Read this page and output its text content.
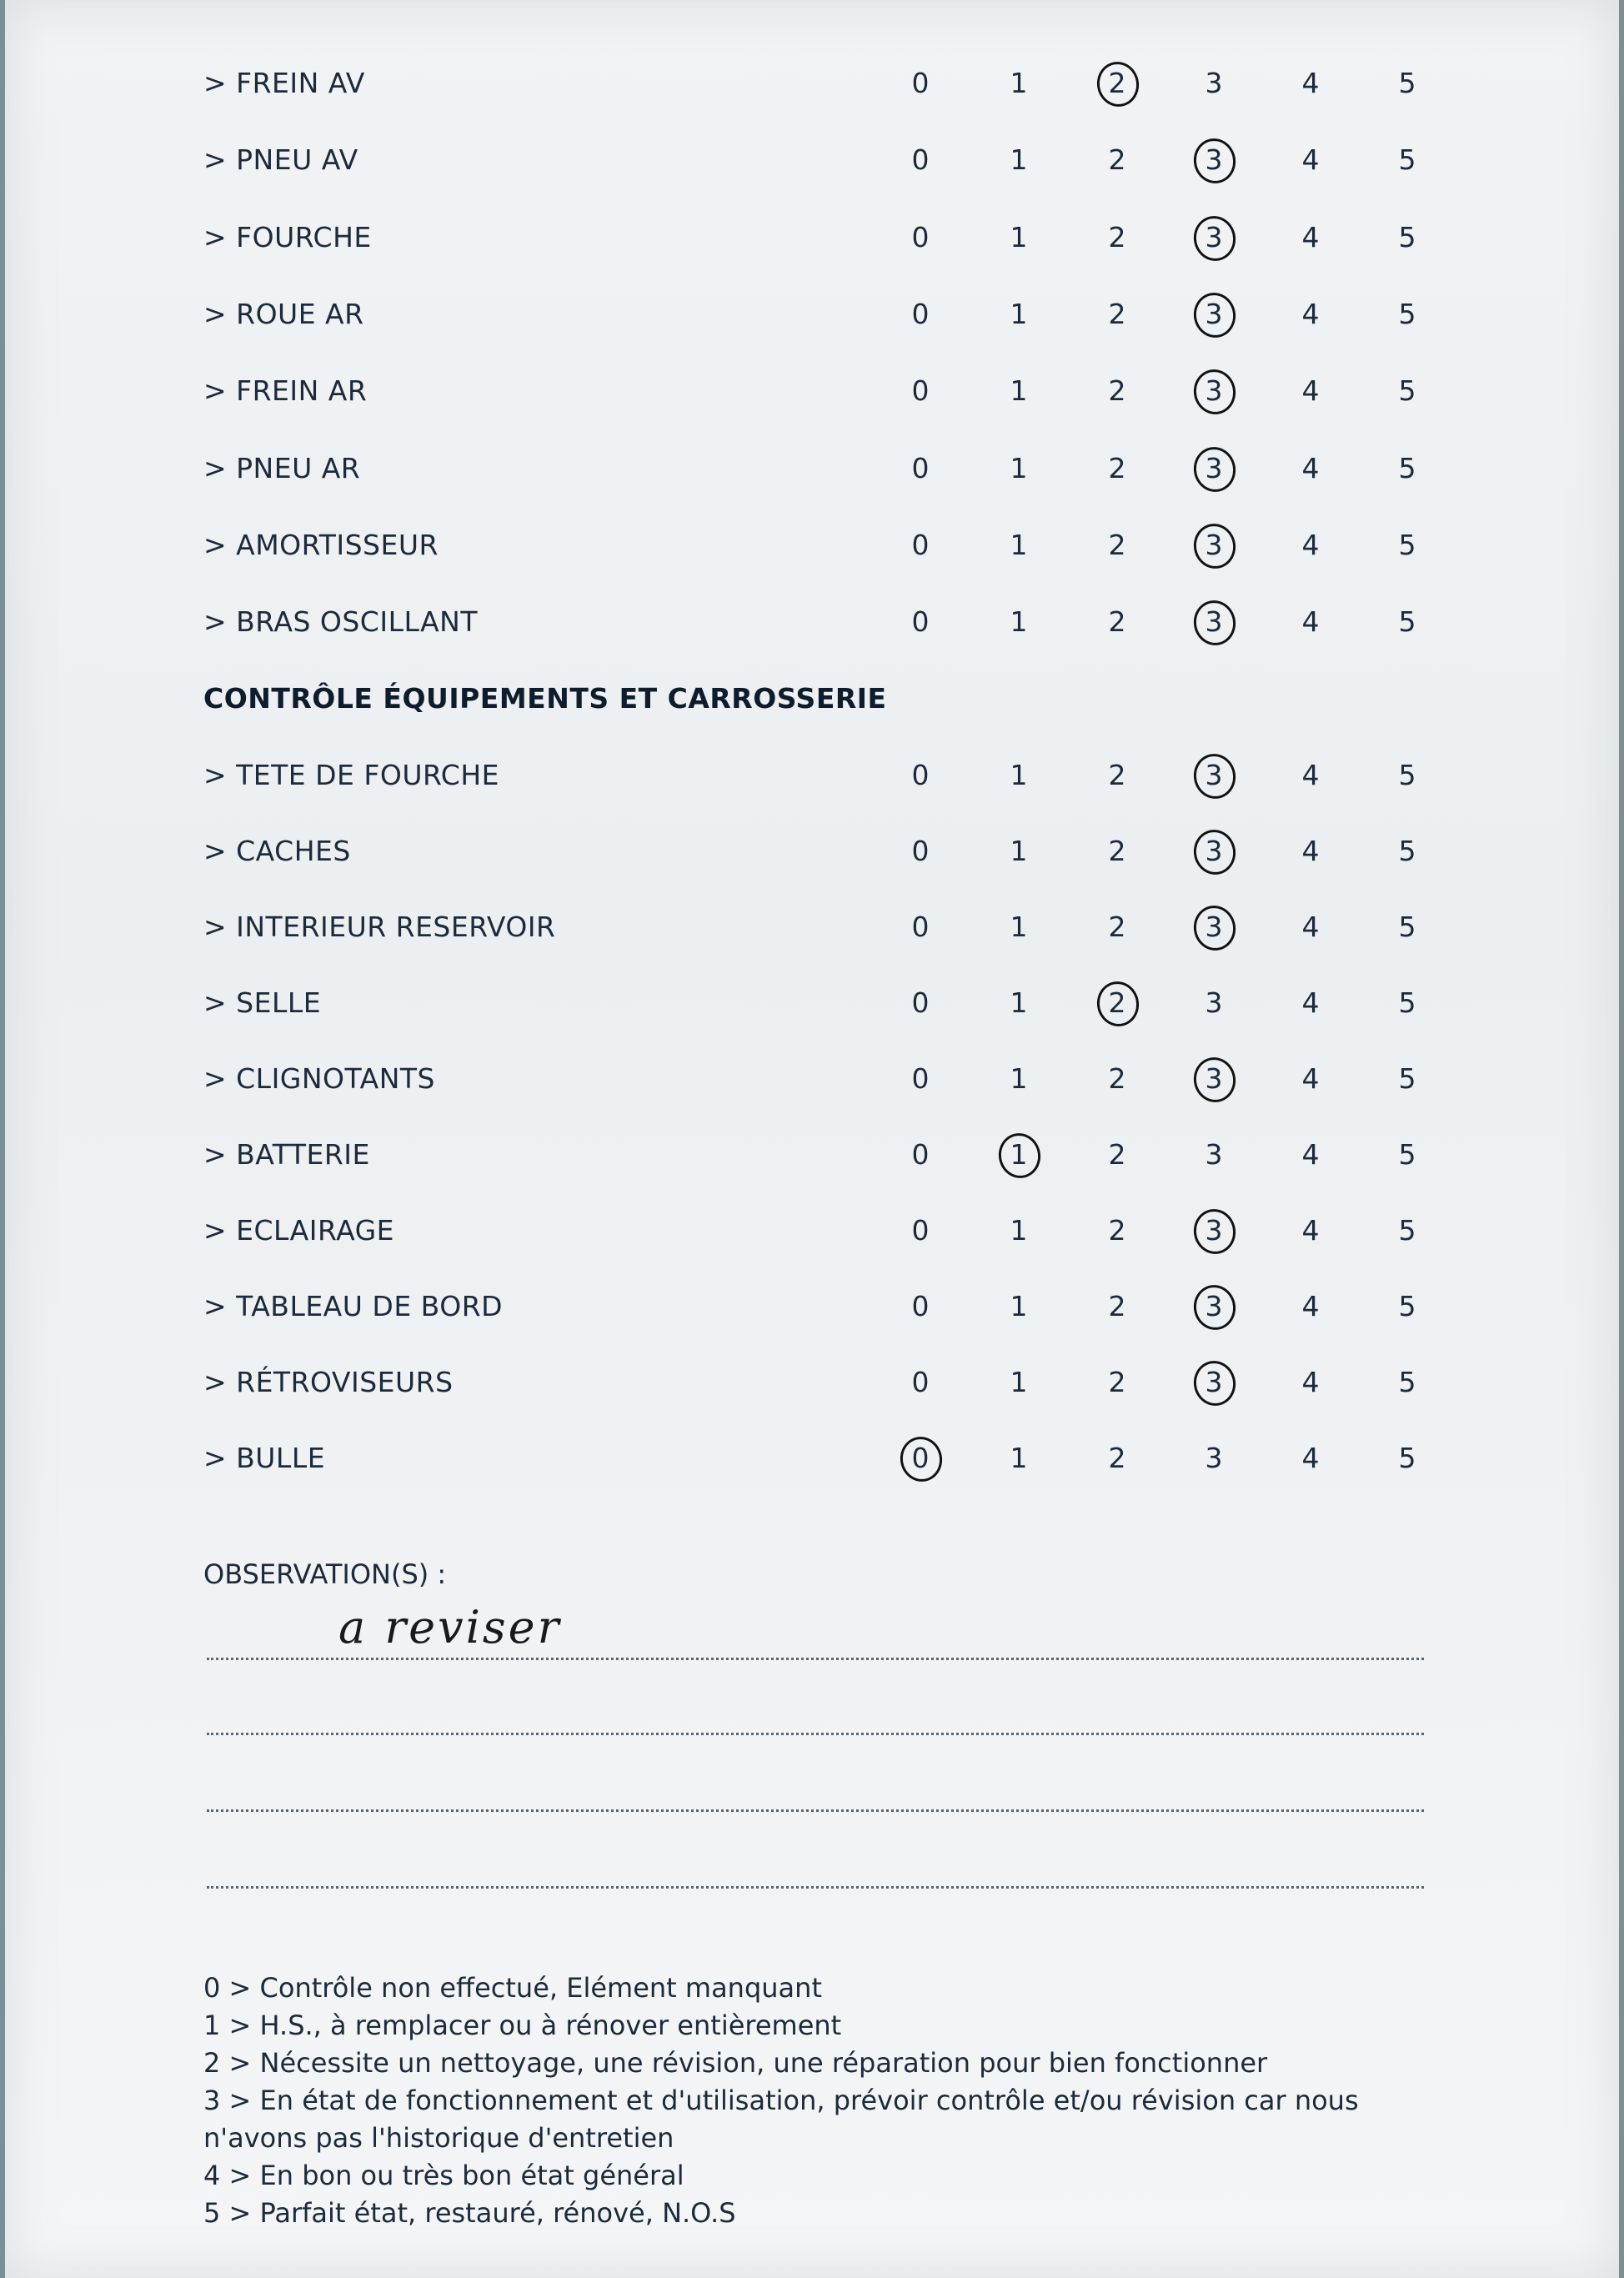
> FREIN AV	0	1	2	3	4	5
> PNEU AV	0	1	2	3	4	5
> FOURCHE	0	1	2	3	4	5
> ROUE AR	0	1	2	3	4	5
> FREIN AR	0	1	2	3	4	5
> PNEU AR	0	1	2	3	4	5
> AMORTISSEUR	0	1	2	3	4	5
> BRAS OSCILLANT	0	1	2	3	4	5
> TETE DE FOURCHE	0	1	2	3	4	5
> CACHES	0	1	2	3	4	5
> INTERIEUR RESERVOIR	0	1	2	3	4	5
> SELLE	0	1	2	3	4	5
> CLIGNOTANTS	0	1	2	3	4	5
> BATTERIE	0	1	2	3	4	5
> ECLAIRAGE	0	1	2	3	4	5
> TABLEAU DE BORD	0	1	2	3	4	5
> RÉTROVISEURS	0	1	2	3	4	5
> BULLE	0	1	2	3	4	5
CONTRÔLE ÉQUIPEMENTS ET CARROSSERIE
OBSERVATION(S) :
a reviser
0 > Contrôle non effectué, Elément manquant
1 > H.S., à remplacer ou à rénover entièrement
2 > Nécessite un nettoyage, une révision, une réparation pour bien fonctionner
3 > En état de fonctionnement et d'utilisation, prévoir contrôle et/ou révision car nous n'avons pas l'historique d'entretien
4 > En bon ou très bon état général
5 > Parfait état, restauré, rénové, N.O.S
